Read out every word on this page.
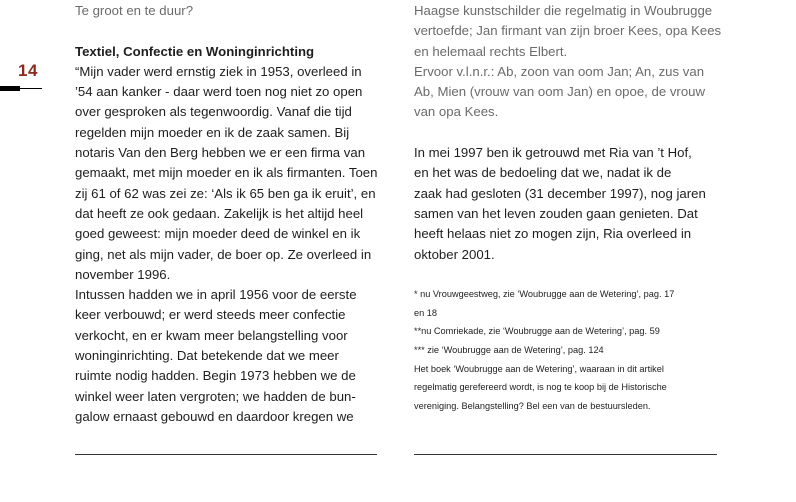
14
Te groot en te duur?
Textiel, Confectie en Woninginrichting
“Mijn vader werd ernstig ziek in 1953, overleed in
’54 aan kanker - daar werd toen nog niet zo open
over gesproken als tegenwoordig. Vanaf die tijd
regelden mijn moeder en ik de zaak samen. Bij
notaris Van den Berg hebben we er een firma van
gemaakt, met mijn moeder en ik als firmanten. Toen
zij 61 of 62 was zei ze: ‘Als ik 65 ben ga ik eruit’, en
dat heeft ze ook gedaan. Zakelijk is het altijd heel
goed geweest: mijn moeder deed de winkel en ik
ging, net als mijn vader, de boer op. Ze overleed in
november 1996.
Intussen hadden we in april 1956 voor de eerste
keer verbouwd; er werd steeds meer confectie
verkocht, en er kwam meer belangstelling voor
woninginrichting. Dat betekende dat we meer
ruimte nodig hadden. Begin 1973 hebben we de
winkel weer laten vergroten; we hadden de bun-
galow ernaast gebouwd en daardoor kregen we
Haagse kunstschilder die regelmatig in Woubrugge
vertoefde; Jan firmant van zijn broer Kees, opa Kees
en helemaal rechts Elbert.
Ervoor v.l.n.r.: Ab, zoon van oom Jan; An, zus van
Ab, Mien (vrouw van oom Jan) en opoe, de vrouw
van opa Kees.
In mei 1997 ben ik getrouwd met Ria van ’t Hof,
en het was de bedoeling dat we, nadat ik de
zaak had gesloten (31 december 1997), nog jaren
samen van het leven zouden gaan genieten. Dat
heeft helaas niet zo mogen zijn, Ria overleed in
oktober 2001.
* nu Vrouwgeestweg, zie ‘Woubrugge aan de Wetering’, pag. 17
en 18
**nu Comriekade, zie ‘Woubrugge aan de Wetering’, pag. 59
*** zie ‘Woubrugge aan de Wetering’, pag. 124
Het boek ‘Woubrugge aan de Wetering’, waaraan in dit artikel
regelmatig gerefereerd wordt, is nog te koop bij de Historische
vereniging. Belangstelling? Bel een van de bestuursleden.
